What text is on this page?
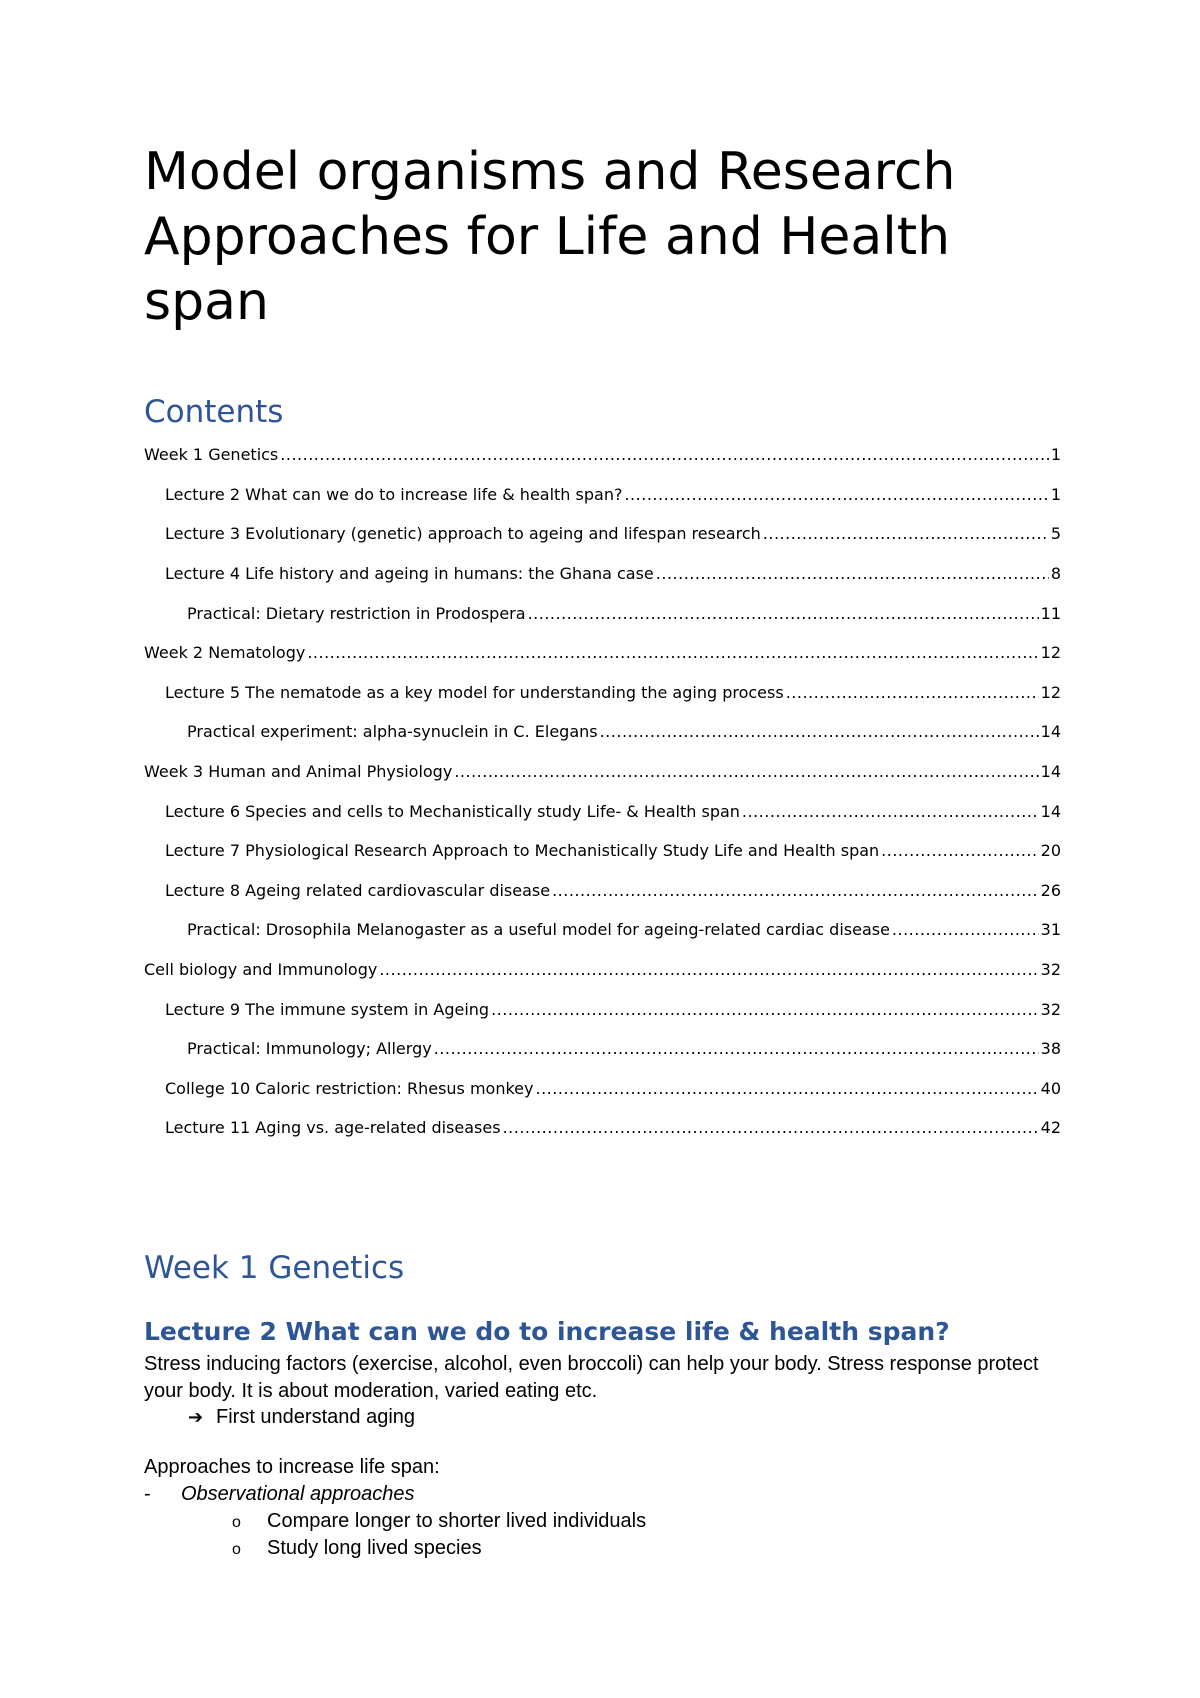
Model organisms and Research Approaches for Life and Health span
Contents
Week 1 Genetics .....	1
Lecture 2 What can we do to increase life & health span? .....	1
Lecture 3 Evolutionary (genetic) approach to ageing and lifespan research .....	5
Lecture 4 Life history and ageing in humans: the Ghana case .....	8
Practical: Dietary restriction in Prodospera .....	11
Week 2 Nematology .....	12
Lecture 5 The nematode as a key model for understanding the aging process .....	12
Practical experiment: alpha-synuclein in C. Elegans .....	14
Week 3 Human and Animal Physiology .....	14
Lecture 6 Species and cells to Mechanistically study Life- & Health span .....	14
Lecture 7 Physiological Research Approach to Mechanistically Study Life and Health span .....	20
Lecture 8 Ageing related cardiovascular disease .....	26
Practical: Drosophila Melanogaster as a useful model for ageing-related cardiac disease .....	31
Cell biology and Immunology .....	32
Lecture 9 The immune system in Ageing .....	32
Practical: Immunology; Allergy .....	38
College 10 Caloric restriction: Rhesus monkey .....	40
Lecture 11 Aging vs. age-related diseases .....	42
Week 1 Genetics
Lecture 2 What can we do to increase life & health span?

Stress inducing factors (exercise, alcohol, even broccoli) can help your body. Stress response protect your body. It is about moderation, varied eating etc.

➔ First understand aging

Approaches to increase life span:

- Observational approaches
o Compare longer to shorter lived individuals
o Study long lived species
